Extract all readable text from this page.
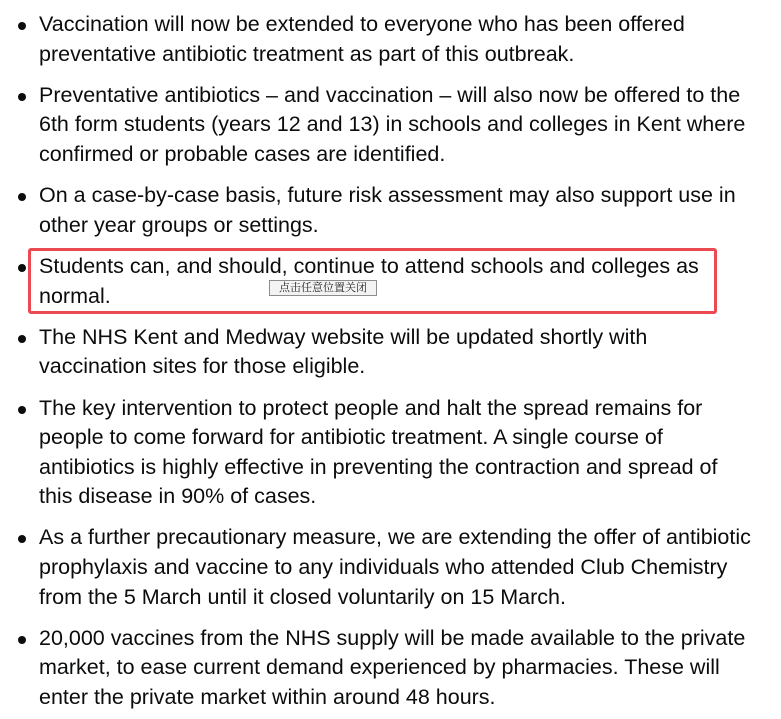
Vaccination will now be extended to everyone who has been offered
preventative antibiotic treatment as part of this outbreak.
Preventative antibiotics – and vaccination – will also now be offered to the
6th form students (years 12 and 13) in schools and colleges in Kent where
confirmed or probable cases are identified.
On a case-by-case basis, future risk assessment may also support use in
other year groups or settings.
Students can, and should, continue to attend schools and colleges as
normal.
The NHS Kent and Medway website will be updated shortly with
vaccination sites for those eligible.
The key intervention to protect people and halt the spread remains for
people to come forward for antibiotic treatment. A single course of
antibiotics is highly effective in preventing the contraction and spread of
this disease in 90% of cases.
As a further precautionary measure, we are extending the offer of antibiotic
prophylaxis and vaccine to any individuals who attended Club Chemistry
from the 5 March until it closed voluntarily on 15 March.
20,000 vaccines from the NHS supply will be made available to the private
market, to ease current demand experienced by pharmacies. These will
enter the private market within around 48 hours.
点击任意位置关闭
